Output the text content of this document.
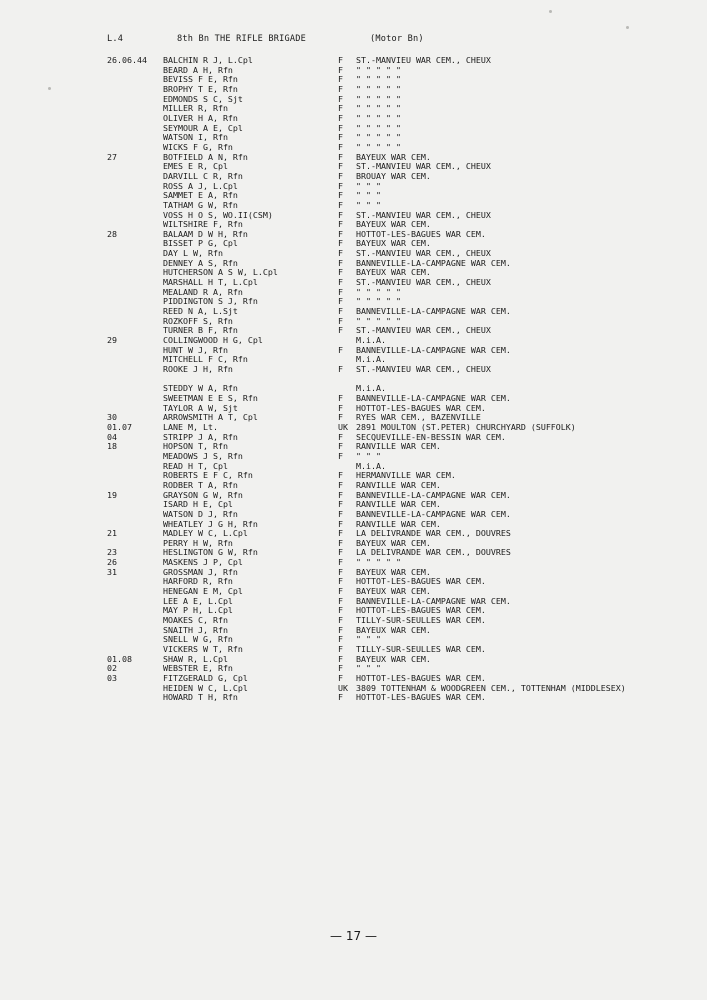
L.4	8th Bn THE RIFLE BRIGADE	(Motor Bn)
26.06.44 BALCHIN R J, L.Cpl	F ST.-MANVIEU WAR CEM., CHEUX
BEARD A H, Rfn	F " " " " "
BEVISS F E, Rfn	F " " " " "
BROPHY T E, Rfn	F " " " " "
EDMONDS S C, Sjt	F " " " " "
MILLER R, Rfn	F " " " " "
OLIVER H A, Rfn	F " " " " "
SEYMOUR A E, Cpl	F " " " " "
WATSON I, Rfn	F " " " " "
WICKS F G, Rfn	F " " " " "
27	BOTFIELD A N, Rfn	F BAYEUX WAR CEM.
EMES E R, Cpl	F ST.-MANVIEU WAR CEM., CHEUX
DARVILL C R, Rfn	F BROUAY WAR CEM.
ROSS A J, L.Cpl	F " " "
SAMMET E A, Rfn	F " " "
TATHAM G W, Rfn	F " " "
VOSS H O S, WO.II(CSM)	F ST.-MANVIEU WAR CEM., CHEUX
WILTSHIRE F, Rfn	F BAYEUX WAR CEM.
28	BALAAM D W H, Rfn	F HOTTOT-LES-BAGUES WAR CEM.
BISSET P G, Cpl	F BAYEUX WAR CEM.
DAY L W, Rfn	F ST.-MANVIEU WAR CEM., CHEUX
DENNEY A S, Rfn	F BANNEVILLE-LA-CAMPAGNE WAR CEM.
HUTCHERSON A S W, L.Cpl	F BAYEUX WAR CEM.
MARSHALL H T, L.Cpl	F ST.-MANVIEU WAR CEM., CHEUX
MEALAND R A, Rfn	F " " " " "
PIDDINGTON S J, Rfn	F " " " " "
REED N A, L.Sjt	F BANNEVILLE-LA-CAMPAGNE WAR CEM.
ROZKOFF S, Rfn	F " " " " "
TURNER B F, Rfn	F ST.-MANVIEU WAR CEM., CHEUX
29	COLLINGWOOD H G, Cpl	M.i.A.
HUNT W J, Rfn	F BANNEVILLE-LA-CAMPAGNE WAR CEM.
MITCHELL F C, Rfn	M.i.A.
ROOKE J H, Rfn	F ST.-MANVIEU WAR CEM., CHEUX
STEDDY W A, Rfn	M.i.A.
SWEETMAN E E S, Rfn	F BANNEVILLE-LA-CAMPAGNE WAR CEM.
TAYLOR A W, Sjt	F HOTTOT-LES-BAGUES WAR CEM.
30	ARROWSMITH A T, Cpl	F RYES WAR CEM., BAZENVILLE
01.07	LANE M, Lt.	UK 2891 MOULTON (ST.PETER) CHURCHYARD (SUFFOLK)
04	STRIPP J A, Rfn	F SECQUEVILLE-EN-BESSIN WAR CEM.
18	HOPSON T, Rfn	F RANVILLE WAR CEM.
MEADOWS J S, Rfn	F " " "
READ H T, Cpl	M.i.A.
ROBERTS E F C, Rfn	F HERMANVILLE WAR CEM.
RODBER T A, Rfn	F RANVILLE WAR CEM.
19	GRAYSON G W, Rfn	F BANNEVILLE-LA-CAMPAGNE WAR CEM.
ISARD H E, Cpl	F RANVILLE WAR CEM.
WATSON D J, Rfn	F BANNEVILLE-LA-CAMPAGNE WAR CEM.
WHEATLEY J G H, Rfn	F RANVILLE WAR CEM.
21	MADLEY W C, L.Cpl	F LA DELIVRANDE WAR CEM., DOUVRES
PERRY H W, Rfn	F BAYEUX WAR CEM.
23	HESLINGTON G W, Rfn	F LA DELIVRANDE WAR CEM., DOUVRES
26	MASKENS J P, Cpl	F " " " " "
31	GROSSMAN J, Rfn	F BAYEUX WAR CEM.
HARFORD R, Rfn	F HOTTOT-LES-BAGUES WAR CEM.
HENEGAN E M, Cpl	F BAYEUX WAR CEM.
LEE A E, L.Cpl	F BANNEVILLE-LA-CAMPAGNE WAR CEM.
MAY P H, L.Cpl	F HOTTOT-LES-BAGUES WAR CEM.
MOAKES C, Rfn	F TILLY-SUR-SEULLES WAR CEM.
SNAITH J, Rfn	F BAYEUX WAR CEM.
SNELL W G, Rfn	F " " "
VICKERS W T, Rfn	F TILLY-SUR-SEULLES WAR CEM.
01.08	SHAW R, L.Cpl	F BAYEUX WAR CEM.
02	WEBSTER E, Rfn	F " " "
03	FITZGERALD G, Cpl	F HOTTOT-LES-BAGUES WAR CEM.
HEIDEN W C, L.Cpl	UK 3809 TOTTENHAM & WOODGREEN CEM., TOTTENHAM (MIDDLESEX)
HOWARD T H, Rfn	F HOTTOT-LES-BAGUES WAR CEM.
— 17 —
